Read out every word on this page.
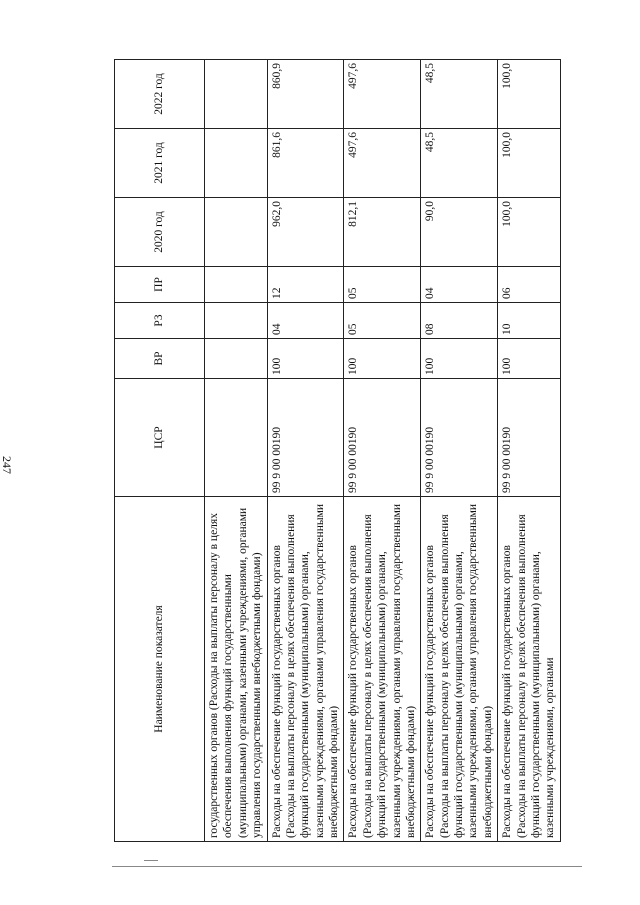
247
Наименование показателя	ЦСР	ВР	РЗ	ПР	2020 год	2021 год	2022 год
государственных органов (Расходы на выплаты персоналу в целях обеспечения выполнения функций государственными (муниципальными) органами, казенными учреждениями, органами управления государственными внебюджетными фондами)							
Расходы на обеспечение функций государственных органов (Расходы на выплаты персоналу в целях обеспечения выполнения функций государственными (муниципальными) органами, казенными учреждениями, органами управления государственными внебюджетными фондами)	99 9 00 00190	100	04	12	962,0	861,6	860,9
Расходы на обеспечение функций государственных органов (Расходы на выплаты персоналу в целях обеспечения выполнения функций государственными (муниципальными) органами, казенными учреждениями, органами управления государственными внебюджетными фондами)	99 9 00 00190	100	05	05	812,1	497,6	497,6
Расходы на обеспечение функций государственных органов (Расходы на выплаты персоналу в целях обеспечения выполнения функций государственными (муниципальными) органами, казенными учреждениями, органами управления государственными внебюджетными фондами)	99 9 00 00190	100	08	04	90,0	48,5	48,5
Расходы на обеспечение функций государственных органов (Расходы на выплаты персоналу в целях обеспечения выполнения функций государственными (муниципальными) органами, казенными учреждениями, органами	99 9 00 00190	100	10	06	100,0	100,0	100,0
